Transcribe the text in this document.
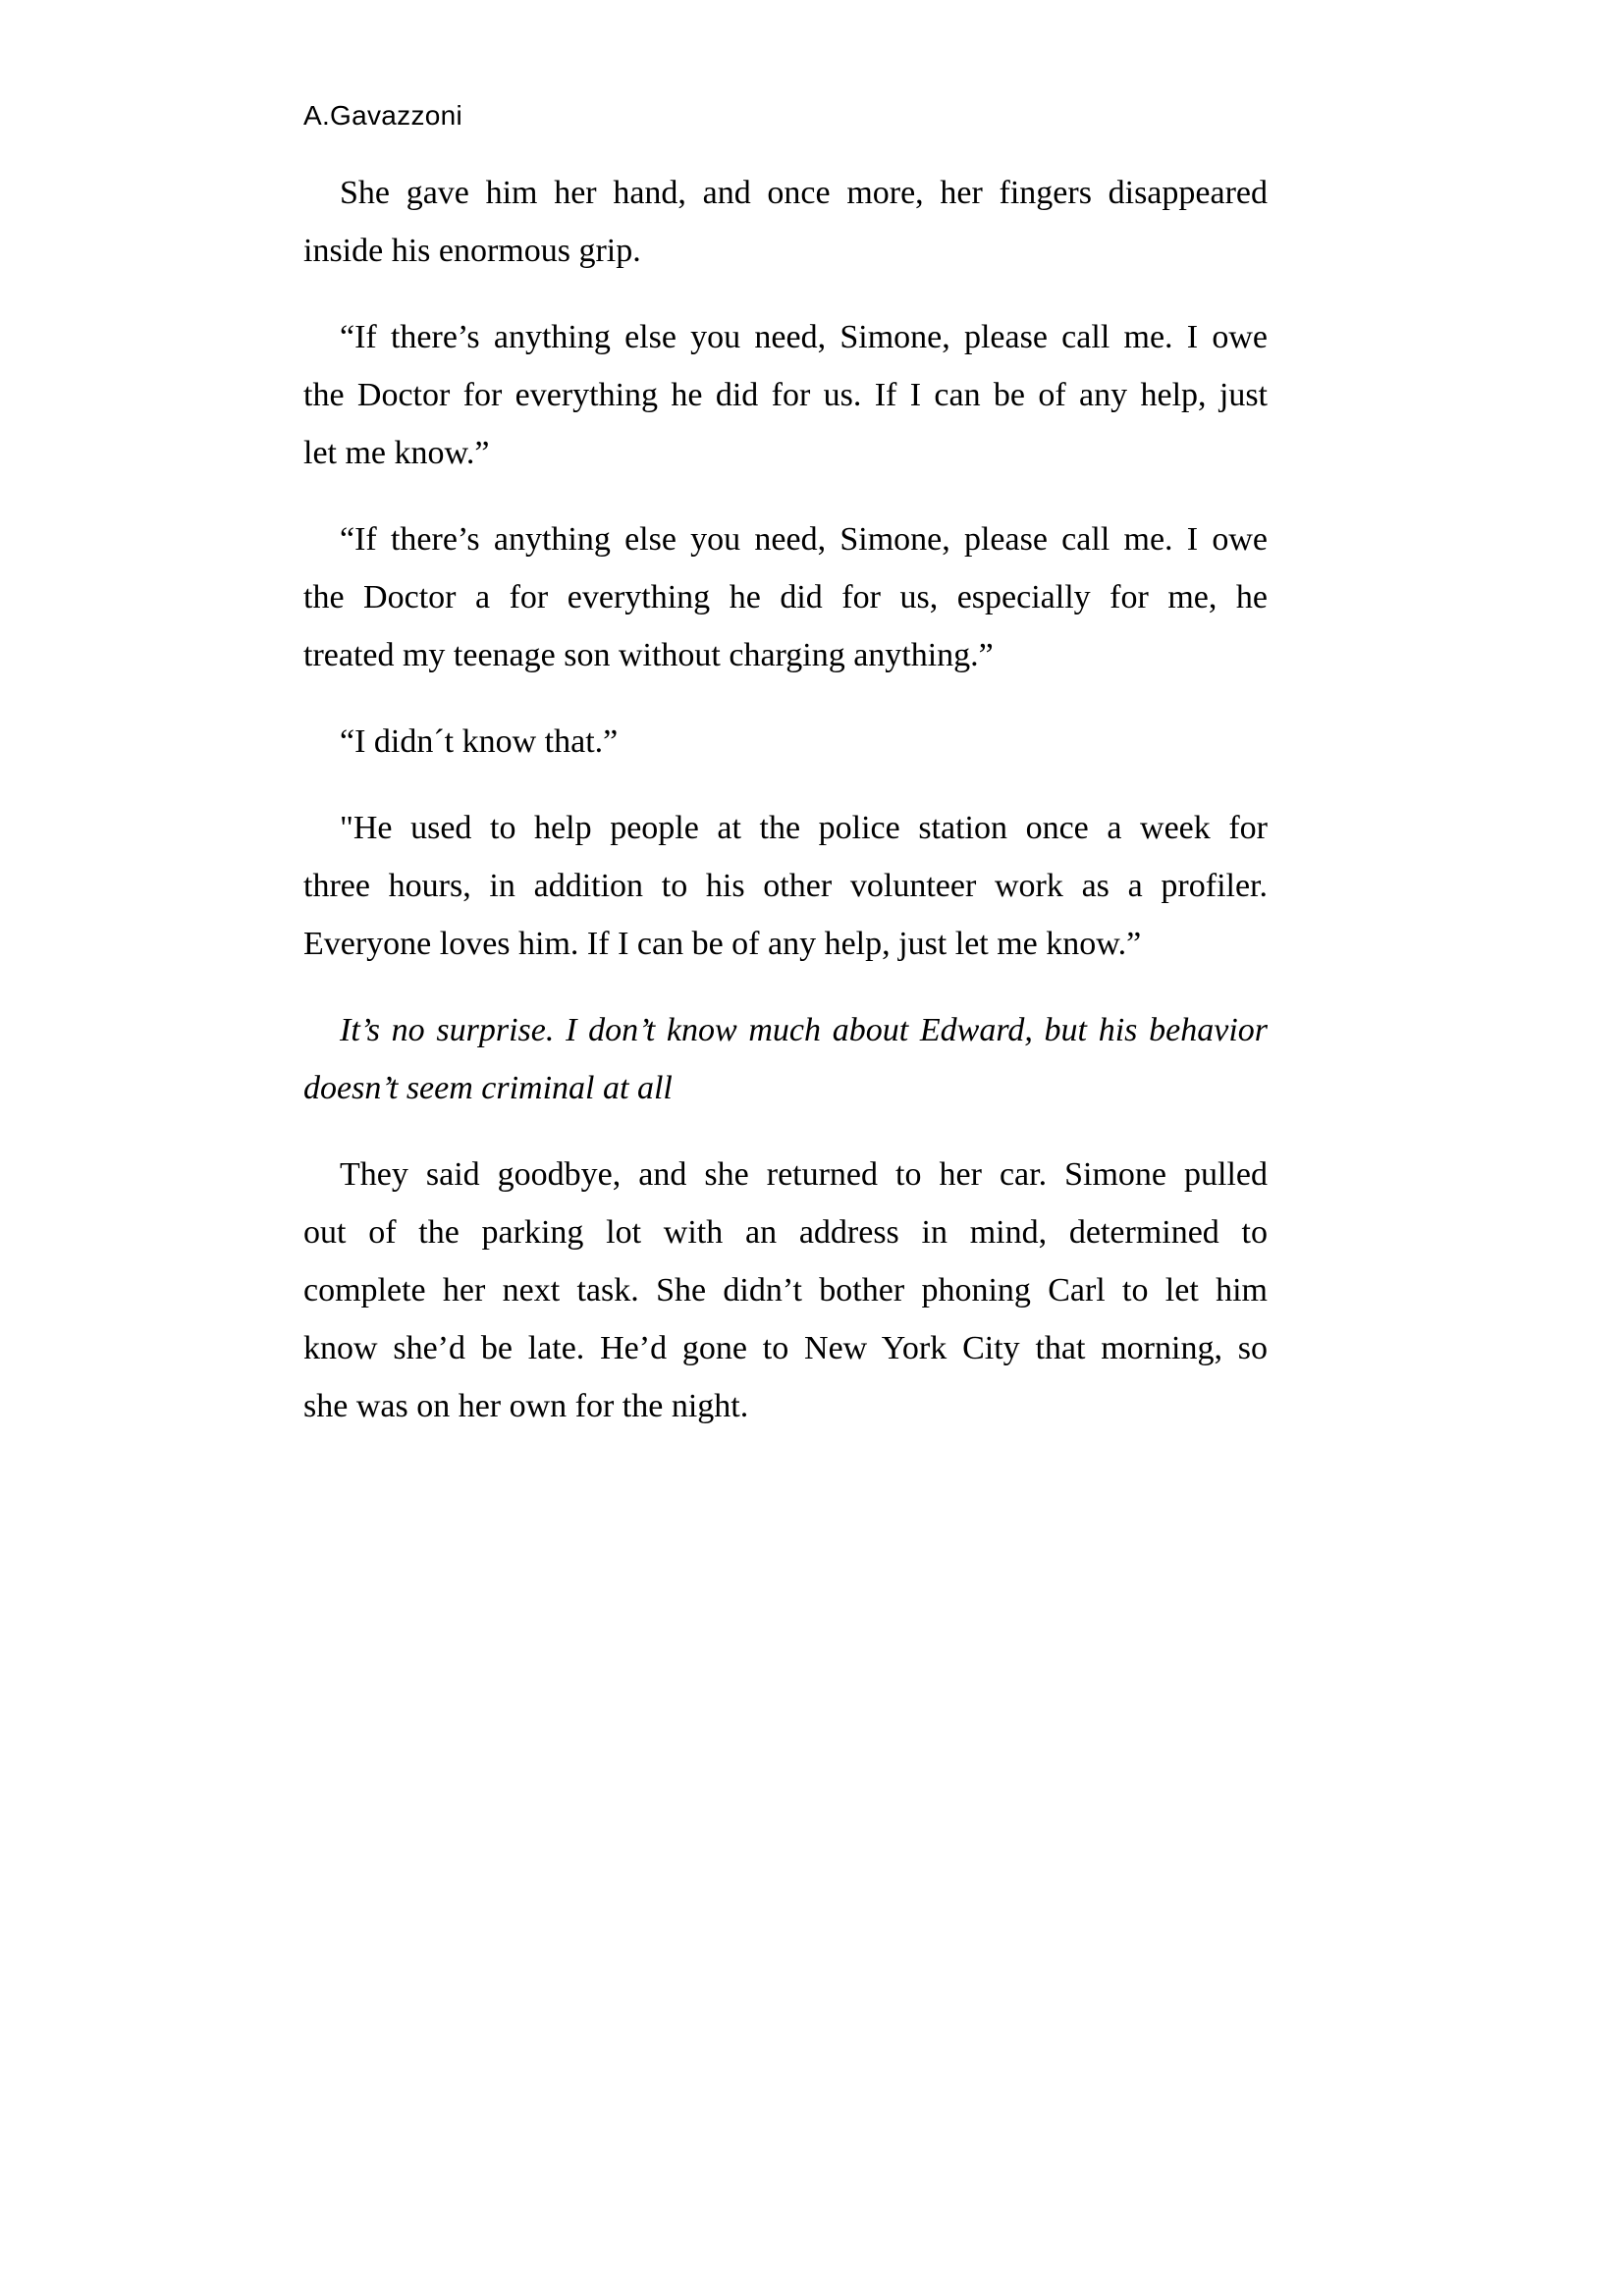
A.Gavazzoni
She gave him her hand, and once more, her fingers disappeared
inside his enormous grip.
“If there’s anything else you need, Simone, please call me. I owe
the Doctor for everything he did for us. If I can be of any help, just
let me know.”
“If there’s anything else you need, Simone, please call me. I owe
the Doctor a for everything he did for us, especially for me, he
treated my teenage son without charging anything.”
“I didn´t know that.”
"He used to help people at the police station once a week for
three hours, in addition to his other volunteer work as a profiler.
Everyone loves him. If I can be of any help, just let me know.”
It’s no surprise. I don’t know much about Edward, but his behavior
doesn’t seem criminal at all
They said goodbye, and she returned to her car. Simone pulled
out of the parking lot with an address in mind, determined to
complete her next task. She didn’t bother phoning Carl to let him
know she’d be late. He’d gone to New York City that morning, so
she was on her own for the night.
